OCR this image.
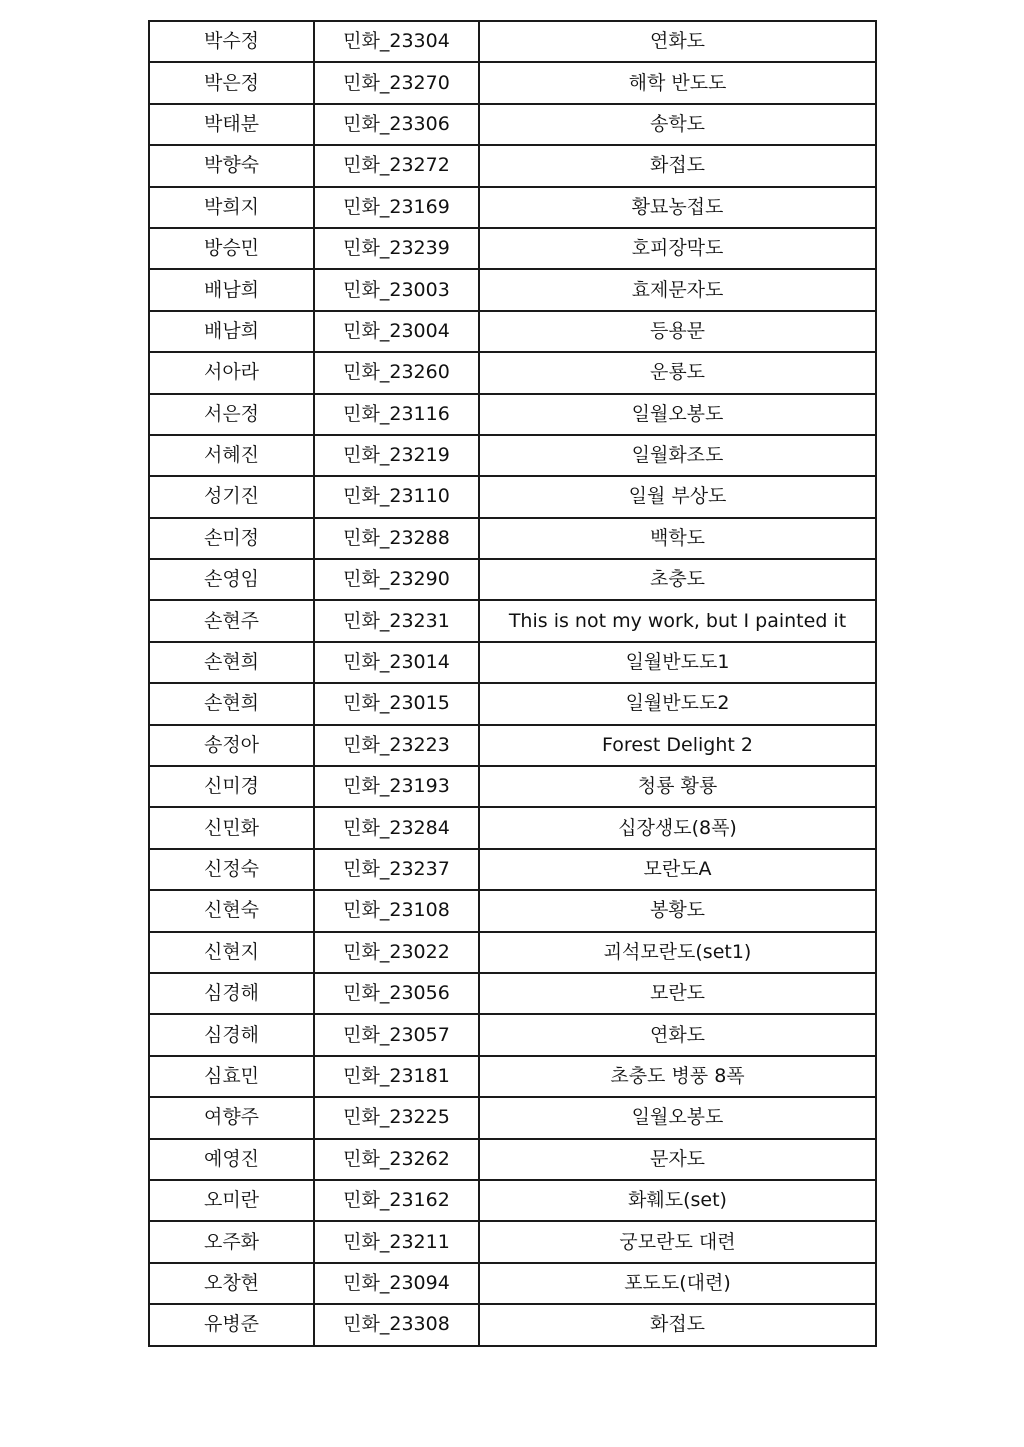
박수정	민화_23304	연화도
박은정	민화_23270	해학 반도도
박태분	민화_23306	송학도
박향숙	민화_23272	화접도
박희지	민화_23169	황묘농접도
방승민	민화_23239	호피장막도
배남희	민화_23003	효제문자도
배남희	민화_23004	등용문
서아라	민화_23260	운룡도
서은정	민화_23116	일월오봉도
서혜진	민화_23219	일월화조도
성기진	민화_23110	일월 부상도
손미정	민화_23288	백학도
손영임	민화_23290	초충도
손현주	민화_23231	This is not my work, but I painted it
손현희	민화_23014	일월반도도1
손현희	민화_23015	일월반도도2
송정아	민화_23223	Forest Delight 2
신미경	민화_23193	청룡 황룡
신민화	민화_23284	십장생도(8폭)
신정숙	민화_23237	모란도A
신현숙	민화_23108	봉황도
신현지	민화_23022	괴석모란도(set1)
심경해	민화_23056	모란도
심경해	민화_23057	연화도
심효민	민화_23181	초충도 병풍 8폭
여향주	민화_23225	일월오봉도
예영진	민화_23262	문자도
오미란	민화_23162	화훼도(set)
오주화	민화_23211	궁모란도 대련
오창현	민화_23094	포도도(대련)
유병준	민화_23308	화접도
